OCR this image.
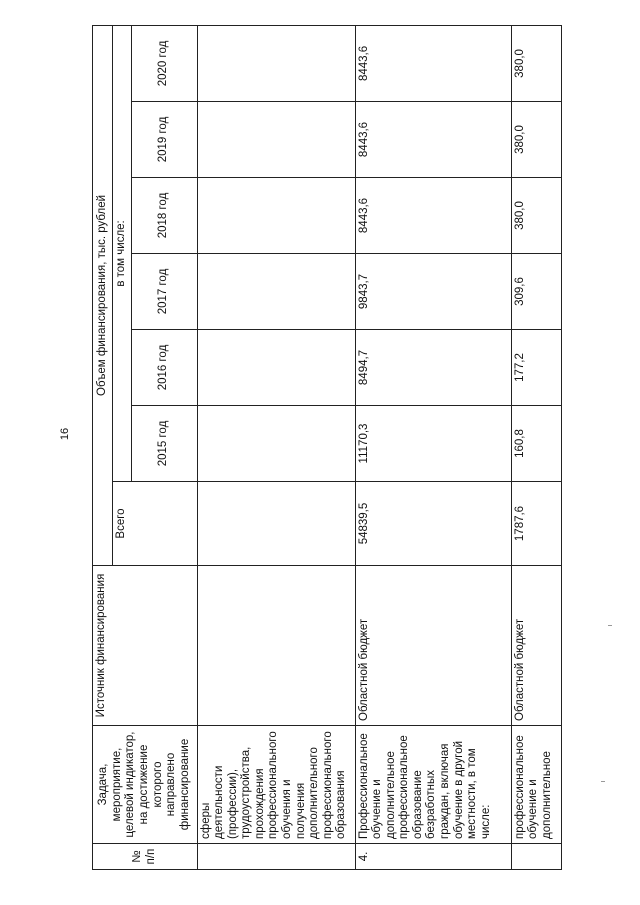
16
№ п/п	Задача, мероприятие, целевой индикатор, на достижение которого направлено финансирование	Источник финансирования	Объем финансирования, тыс. рублей						
			Всего	в том числе:					
				2015 год	2016 год	2017 год	2018 год	2019 год	2020 год
	сферы деятельности (профессии), трудоустройства, прохождения профессионального обучения и получения дополнительного профессионального образования								
4.	Профессиональное обучение и дополнительное профессиональное образование безработных граждан, включая обучение в другой местности, в том числе:	Областной бюджет	54839,5	11170,3	8494,7	9843,7	8443,6	8443,6	8443,6
	профессиональное обучение и дополнительное	Областной бюджет	1787,6	160,8	177,2	309,6	380,0	380,0	380,0
